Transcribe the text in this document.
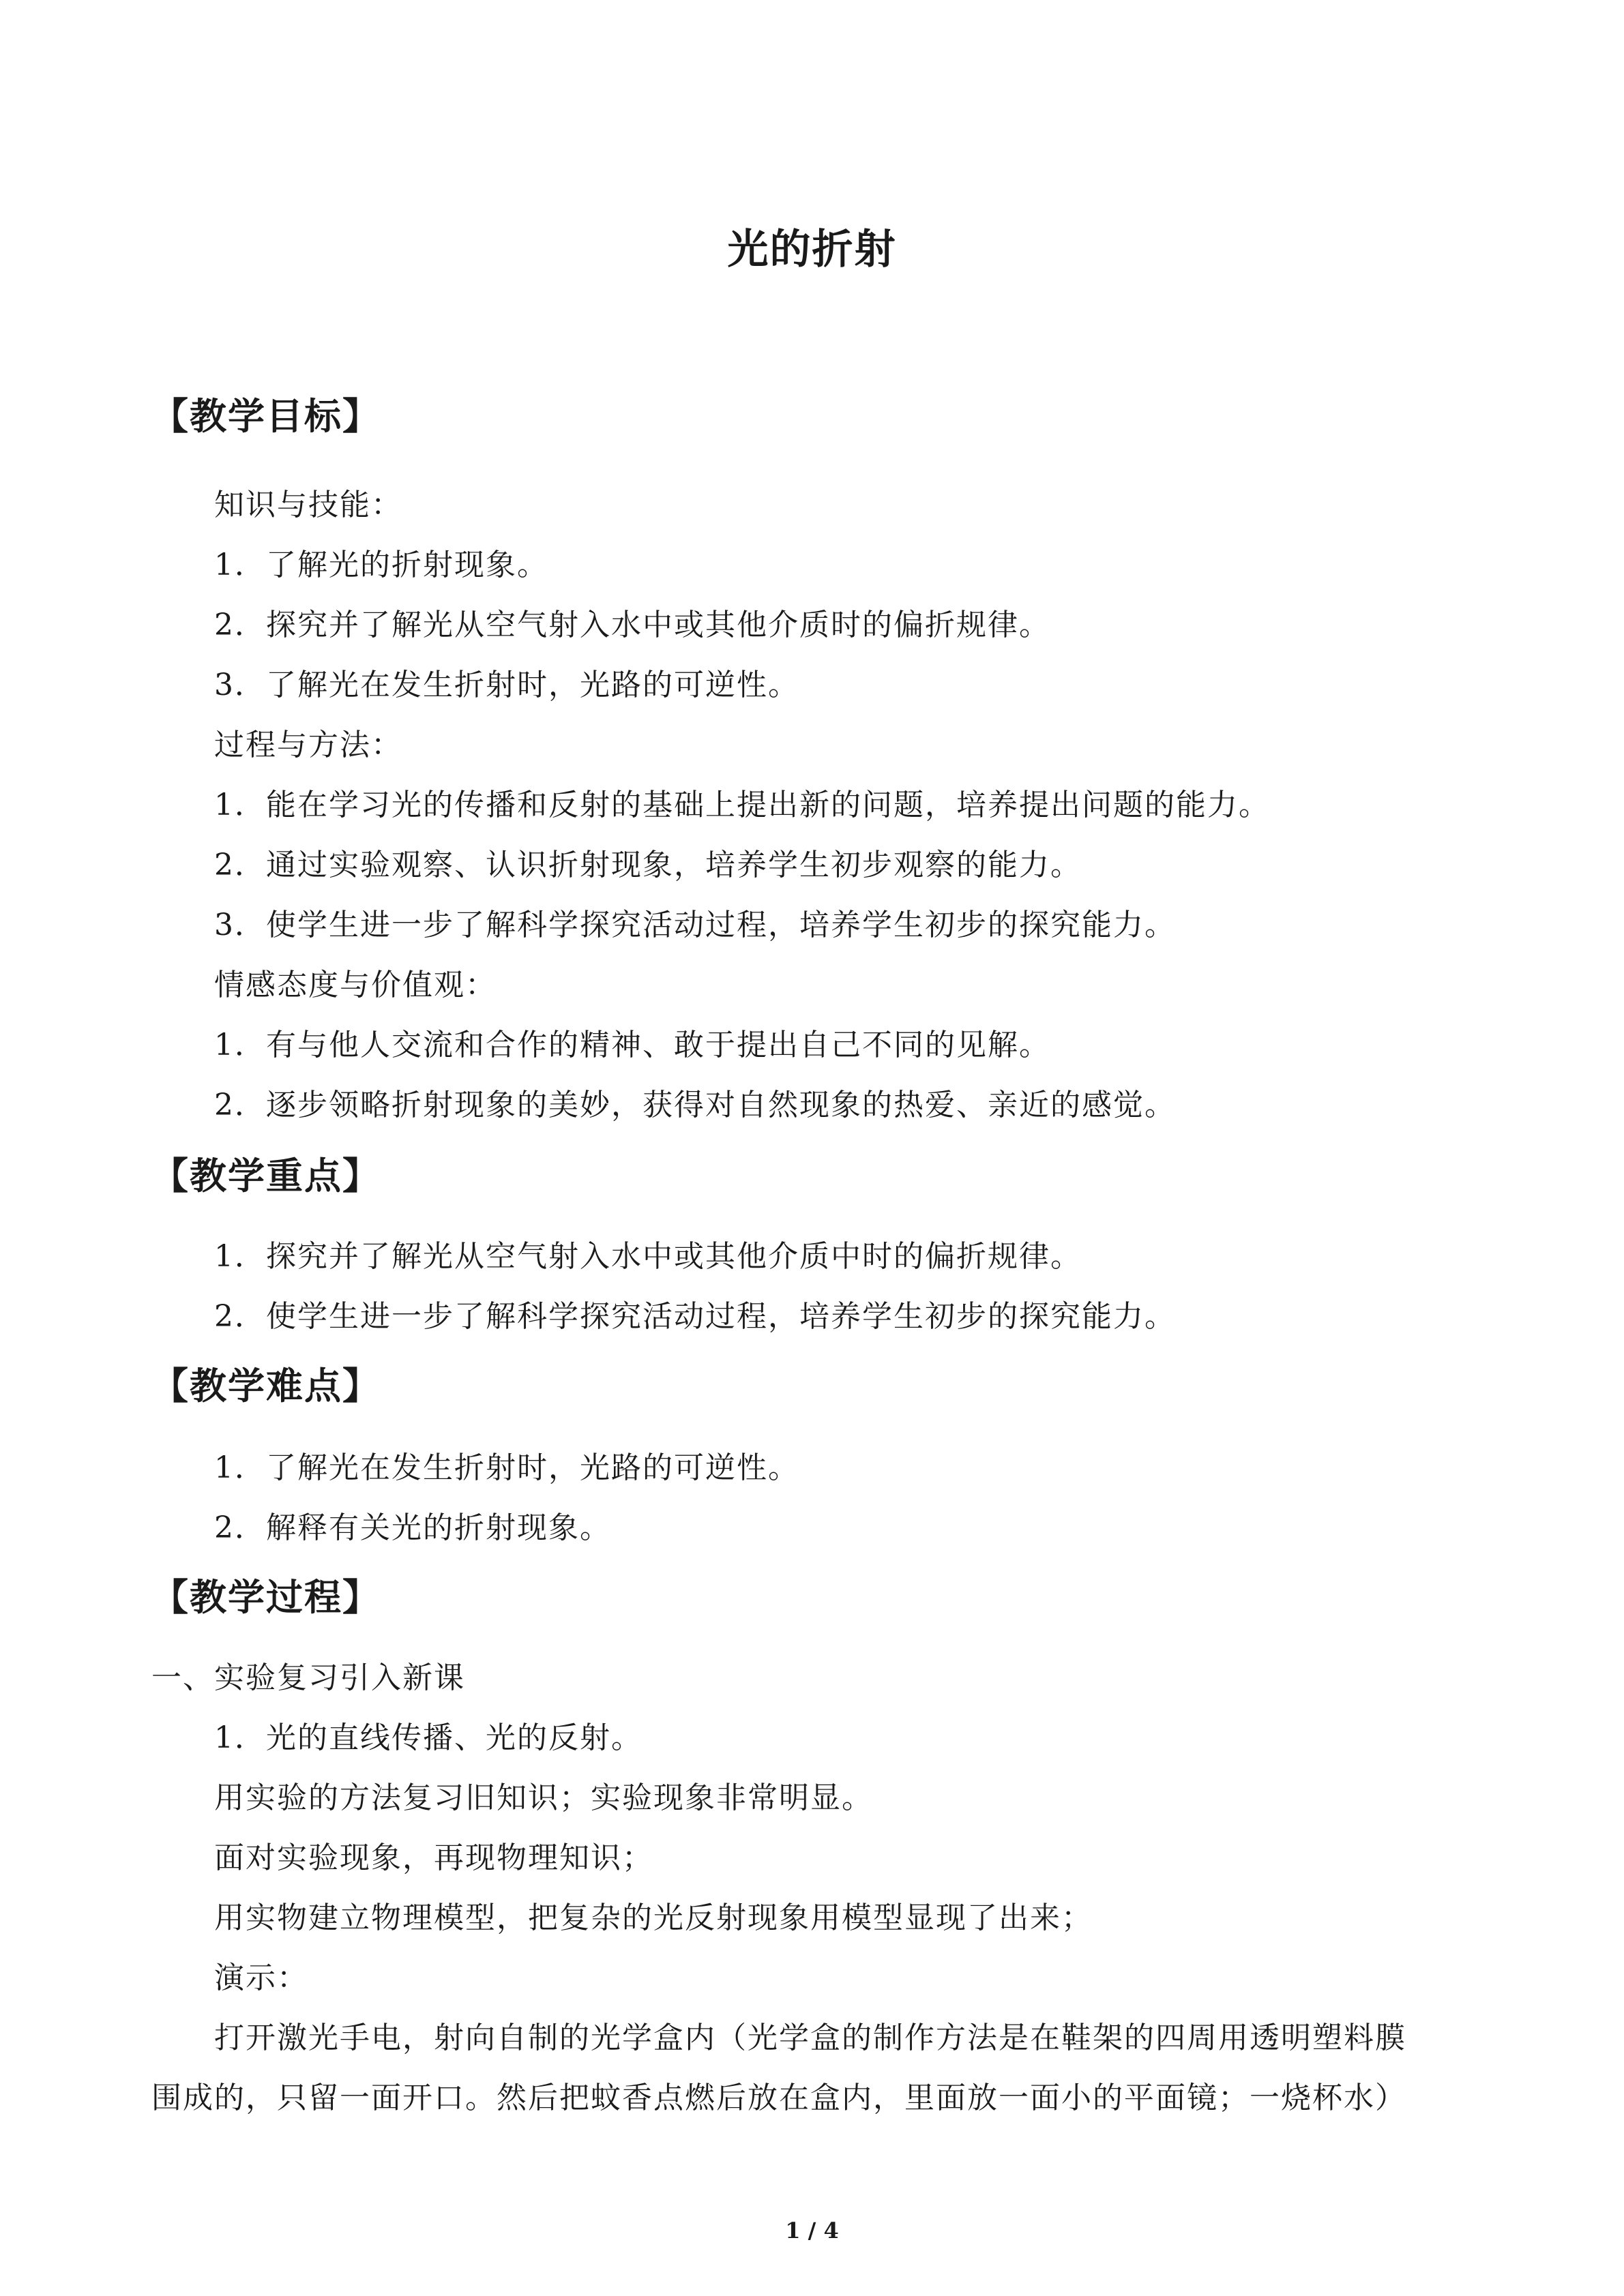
光的折射
【教学目标】
知识与技能：
1．了解光的折射现象。
2．探究并了解光从空气射入水中或其他介质时的偏折规律。
3．了解光在发生折射时，光路的可逆性。
过程与方法：
1．能在学习光的传播和反射的基础上提出新的问题，培养提出问题的能力。
2．通过实验观察、认识折射现象，培养学生初步观察的能力。
3．使学生进一步了解科学探究活动过程，培养学生初步的探究能力。
情感态度与价值观：
1．有与他人交流和合作的精神、敢于提出自己不同的见解。
2．逐步领略折射现象的美妙，获得对自然现象的热爱、亲近的感觉。
【教学重点】
1．探究并了解光从空气射入水中或其他介质中时的偏折规律。
2．使学生进一步了解科学探究活动过程，培养学生初步的探究能力。
【教学难点】
1．了解光在发生折射时，光路的可逆性。
2．解释有关光的折射现象。
【教学过程】
一、实验复习引入新课
1．光的直线传播、光的反射。
用实验的方法复习旧知识；实验现象非常明显。
面对实验现象，再现物理知识；
用实物建立物理模型，把复杂的光反射现象用模型显现了出来；
演示：
打开激光手电，射向自制的光学盒内（光学盒的制作方法是在鞋架的四周用透明塑料膜
围成的，只留一面开口。然后把蚊香点燃后放在盒内，里面放一面小的平面镜；一烧杯水）
1 / 4
